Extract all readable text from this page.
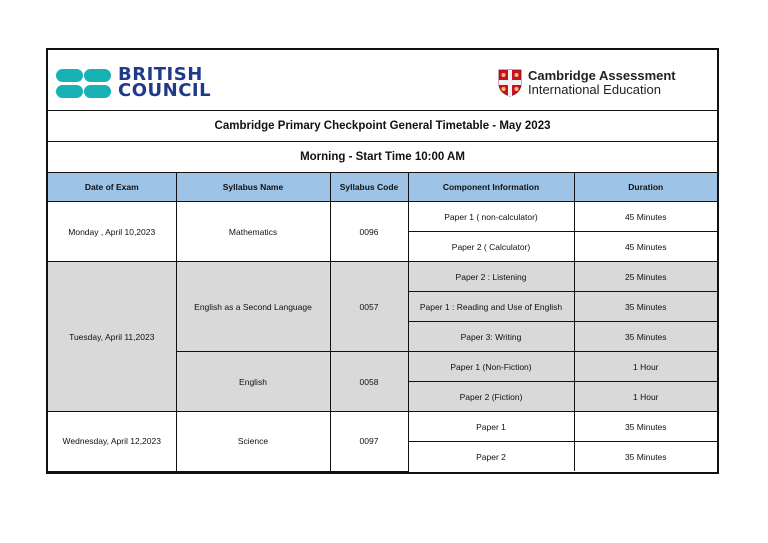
BRITISH
COUNCIL
Cambridge Assessment
International Education
Cambridge Primary Checkpoint General Timetable - May 2023
Morning - Start Time 10:00 AM
Date of Exam	Syllabus Name	Syllabus Code	Component Information	Duration
Monday , April 10,2023	Mathematics	0096	Paper 1 ( non-calculator)	45 Minutes
			Paper 2 ( Calculator)	45 Minutes
Tuesday, April 11,2023	English as a Second Language	0057	Paper 2 : Listening	25 Minutes
			Paper 1 : Reading and Use of English	35 Minutes
			Paper 3: Writing	35 Minutes
	English	0058	Paper 1 (Non-Fiction)	1 Hour
			Paper 2 (Fiction)	1 Hour
Wednesday, April 12,2023	Science	0097	Paper 1	35 Minutes
			Paper 2	35 Minutes
